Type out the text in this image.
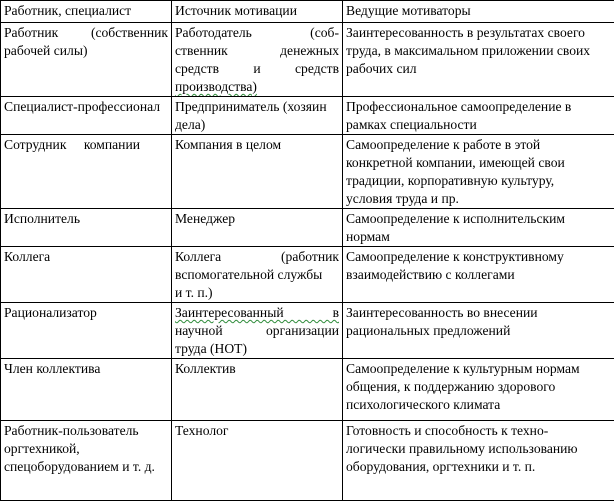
Работник, специалист	Источник мотивации	Ведущие мотиваторы

Работник (собственник
рабочей силы)	Работодатель (соб-
ственник денежных
средств и средств
производства)	Заинтересованность в результатах своего
труда, в максимальном приложении своих
рабочих сил

Специалист-профессионал	Предприниматель (хозяин
дела)	Профессиональное самоопределение в
рамках специальности

Сотрудник компании	Компания в целом	Самоопределение к работе в этой
конкретной компании, имеющей свои
традиции, корпоративную культуру,
условия труда и пр.

Исполнитель	Менеджер	Самоопределение к исполнительским
нормам

Коллега	Коллега (работник
вспомогательной службы
и т. п.)	Самоопределение к конструктивному
взаимодействию с коллегами

Рационализатор	Заинтересованный в
научной организации
труда (НОТ)	Заинтересованность во внесении
рациональных предложений

Член коллектива	Коллектив	Самоопределение к культурным нормам
общения, к поддержанию здорового
психологического климата

Работник-пользователь
оргтехникой,
спецоборудованием и т. д.	Технолог	Готовность и способность к техно-
логически правильному использованию
оборудования, оргтехники и т. п.
